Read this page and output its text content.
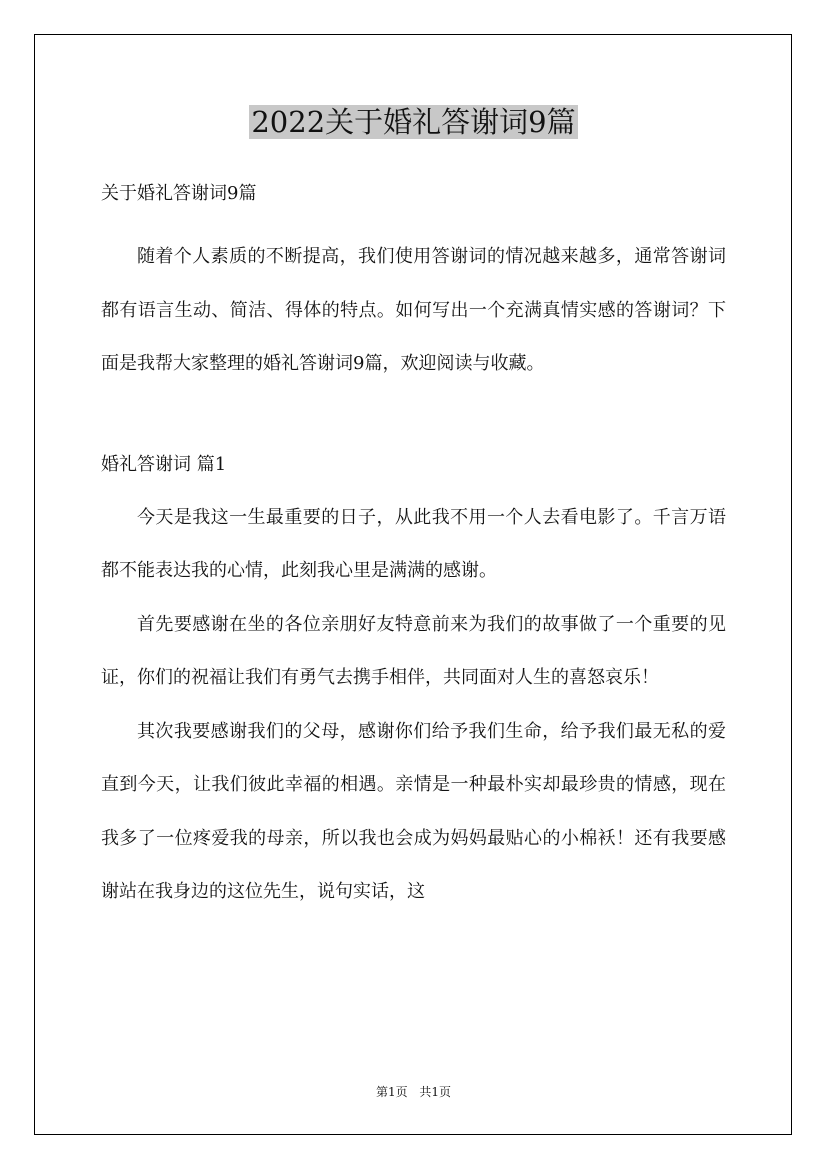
2022关于婚礼答谢词9篇

关于婚礼答谢词9篇

随着个人素质的不断提高，我们使用答谢词的情况越来越多，通常答谢词都有语言生动、简洁、得体的特点。如何写出一个充满真情实感的答谢词？下面是我帮大家整理的婚礼答谢词9篇，欢迎阅读与收藏。

婚礼答谢词 篇1

今天是我这一生最重要的日子，从此我不用一个人去看电影了。千言万语都不能表达我的心情，此刻我心里是满满的感谢。

首先要感谢在坐的各位亲朋好友特意前来为我们的故事做了一个重要的见证，你们的祝福让我们有勇气去携手相伴，共同面对人生的喜怒哀乐！

其次我要感谢我们的父母，感谢你们给予我们生命，给予我们最无私的爱直到今天，让我们彼此幸福的相遇。亲情是一种最朴实却最珍贵的情感，现在我多了一位疼爱我的母亲，所以我也会成为妈妈最贴心的小棉袄！还有我要感谢站在我身边的这位先生，说句实话，这

第1页 共1页
